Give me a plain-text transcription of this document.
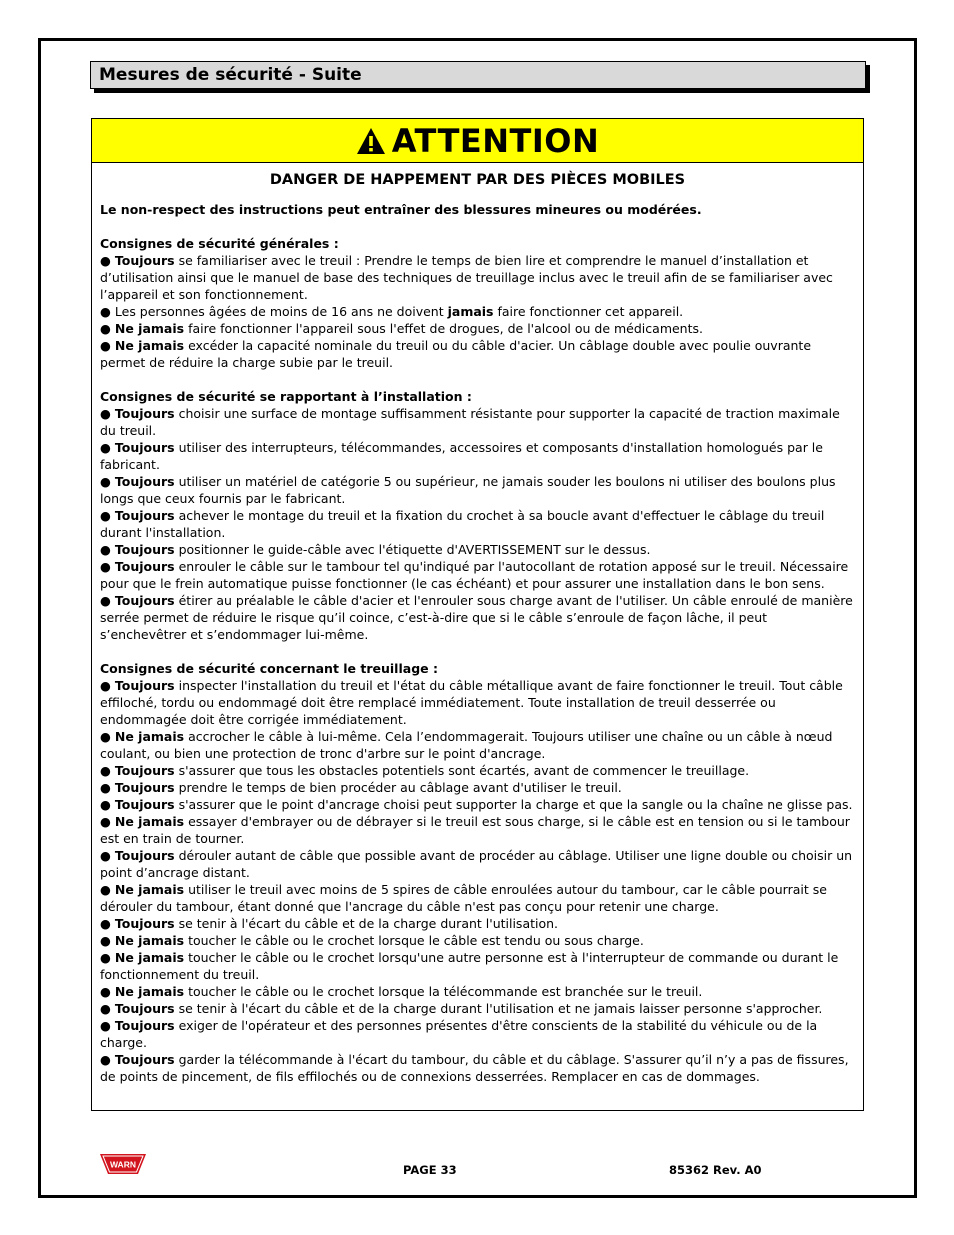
Mesures de sécurité - Suite
ATTENTION
DANGER DE HAPPEMENT PAR DES PIÈCES MOBILES

Le non-respect des instructions peut entraîner des blessures mineures ou modérées.

Consignes de sécurité générales :

● Toujours se familiariser avec le treuil : Prendre le temps de bien lire et comprendre le manuel d’installation et d’utilisation ainsi que le manuel de base des techniques de treuillage inclus avec le treuil afin de se familiariser avec l’appareil et son fonctionnement.

● Les personnes âgées de moins de 16 ans ne doivent jamais faire fonctionner cet appareil.

● Ne jamais faire fonctionner l'appareil sous l'effet de drogues, de l'alcool ou de médicaments.

● Ne jamais excéder la capacité nominale du treuil ou du câble d'acier. Un câblage double avec poulie ouvrante permet de réduire la charge subie par le treuil.

Consignes de sécurité se rapportant à l’installation :

● Toujours choisir une surface de montage suffisamment résistante pour supporter la capacité de traction maximale du treuil.

● Toujours utiliser des interrupteurs, télécommandes, accessoires et composants d'installation homologués par le fabricant.

● Toujours utiliser un matériel de catégorie 5 ou supérieur, ne jamais souder les boulons ni utiliser des boulons plus longs que ceux fournis par le fabricant.

● Toujours achever le montage du treuil et la fixation du crochet à sa boucle avant d'effectuer le câblage du treuil durant l'installation.

● Toujours positionner le guide-câble avec l'étiquette d'AVERTISSEMENT sur le dessus.

● Toujours enrouler le câble sur le tambour tel qu'indiqué par l'autocollant de rotation apposé sur le treuil. Nécessaire pour que le frein automatique puisse fonctionner (le cas échéant) et pour assurer une installation dans le bon sens.

● Toujours étirer au préalable le câble d'acier et l'enrouler sous charge avant de l'utiliser. Un câble enroulé de manière serrée permet de réduire le risque qu’il coince, c’est-à-dire que si le câble s’enroule de façon lâche, il peut s’enchevêtrer et s’endommager lui-même.

Consignes de sécurité concernant le treuillage :

● Toujours inspecter l'installation du treuil et l'état du câble métallique avant de faire fonctionner le treuil. Tout câble effiloché, tordu ou endommagé doit être remplacé immédiatement. Toute installation de treuil desserrée ou endommagée doit être corrigée immédiatement.

● Ne jamais accrocher le câble à lui-même. Cela l’endommagerait. Toujours utiliser une chaîne ou un câble à nœud coulant, ou bien une protection de tronc d'arbre sur le point d'ancrage.

● Toujours s'assurer que tous les obstacles potentiels sont écartés, avant de commencer le treuillage.

● Toujours prendre le temps de bien procéder au câblage avant d'utiliser le treuil.

● Toujours s'assurer que le point d'ancrage choisi peut supporter la charge et que la sangle ou la chaîne ne glisse pas.

● Ne jamais essayer d'embrayer ou de débrayer si le treuil est sous charge, si le câble est en tension ou si le tambour est en train de tourner.

● Toujours dérouler autant de câble que possible avant de procéder au câblage. Utiliser une ligne double ou choisir un point d’ancrage distant.

● Ne jamais utiliser le treuil avec moins de 5 spires de câble enroulées autour du tambour, car le câble pourrait se dérouler du tambour, étant donné que l'ancrage du câble n'est pas conçu pour retenir une charge.

● Toujours se tenir à l'écart du câble et de la charge durant l'utilisation.

● Ne jamais toucher le câble ou le crochet lorsque le câble est tendu ou sous charge.

● Ne jamais toucher le câble ou le crochet lorsqu'une autre personne est à l'interrupteur de commande ou durant le fonctionnement du treuil.

● Ne jamais toucher le câble ou le crochet lorsque la télécommande est branchée sur le treuil.

● Toujours se tenir à l'écart du câble et de la charge durant l'utilisation et ne jamais laisser personne s'approcher.

● Toujours exiger de l'opérateur et des personnes présentes d'être conscients de la stabilité du véhicule ou de la charge.

● Toujours garder la télécommande à l'écart du tambour, du câble et du câblage. S'assurer qu’il n’y a pas de fissures, de points de pincement, de fils effilochés ou de connexions desserrées. Remplacer en cas de dommages.

WARN	PAGE 33	85362 Rev. A0
